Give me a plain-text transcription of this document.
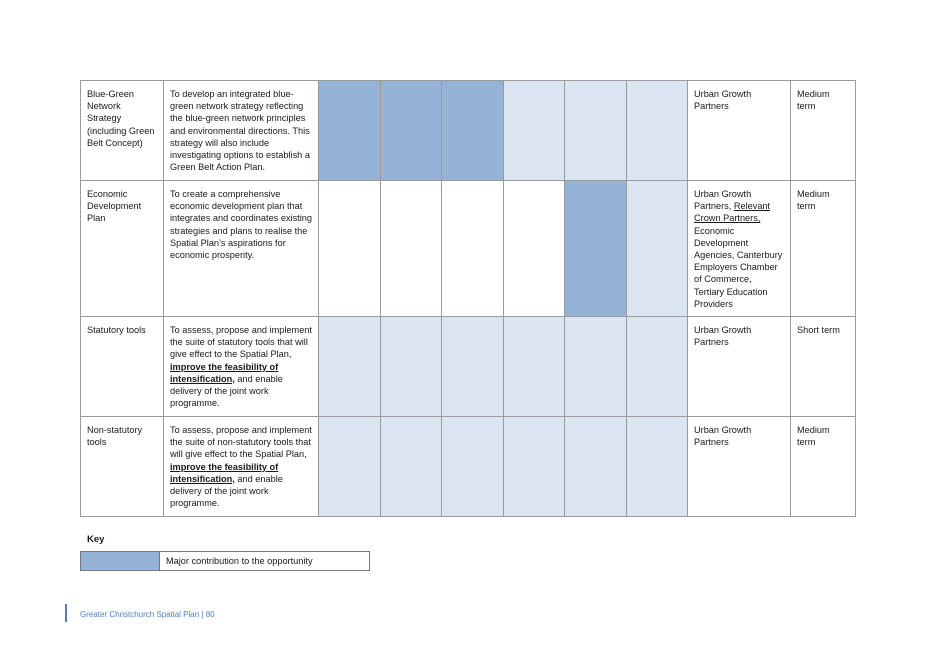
Blue-Green Network Strategy (including Green Belt Concept)	To develop an integrated blue-green network strategy reflecting the blue-green network principles and environmental directions. This strategy will also include investigating options to establish a Green Belt Action Plan.							Urban Growth Partners	Medium term
Economic Development Plan	To create a comprehensive economic development plan that integrates and coordinates existing strategies and plans to realise the Spatial Plan’s aspirations for economic prosperity.							Urban Growth Partners, Relevant Crown Partners, Economic Development Agencies, Canterbury Employers Chamber of Commerce, Tertiary Education Providers	Medium term
Statutory tools	To assess, propose and implement the suite of statutory tools that will give effect to the Spatial Plan, improve the feasibility of intensification, and enable delivery of the joint work programme.							Urban Growth Partners	Short term
Non-statutory tools	To assess, propose and implement the suite of non-statutory tools that will give effect to the Spatial Plan, improve the feasibility of intensification, and enable delivery of the joint work programme.							Urban Growth Partners	Medium term
Key
Major contribution to the opportunity
Greater Christchurch Spatial Plan | 80
